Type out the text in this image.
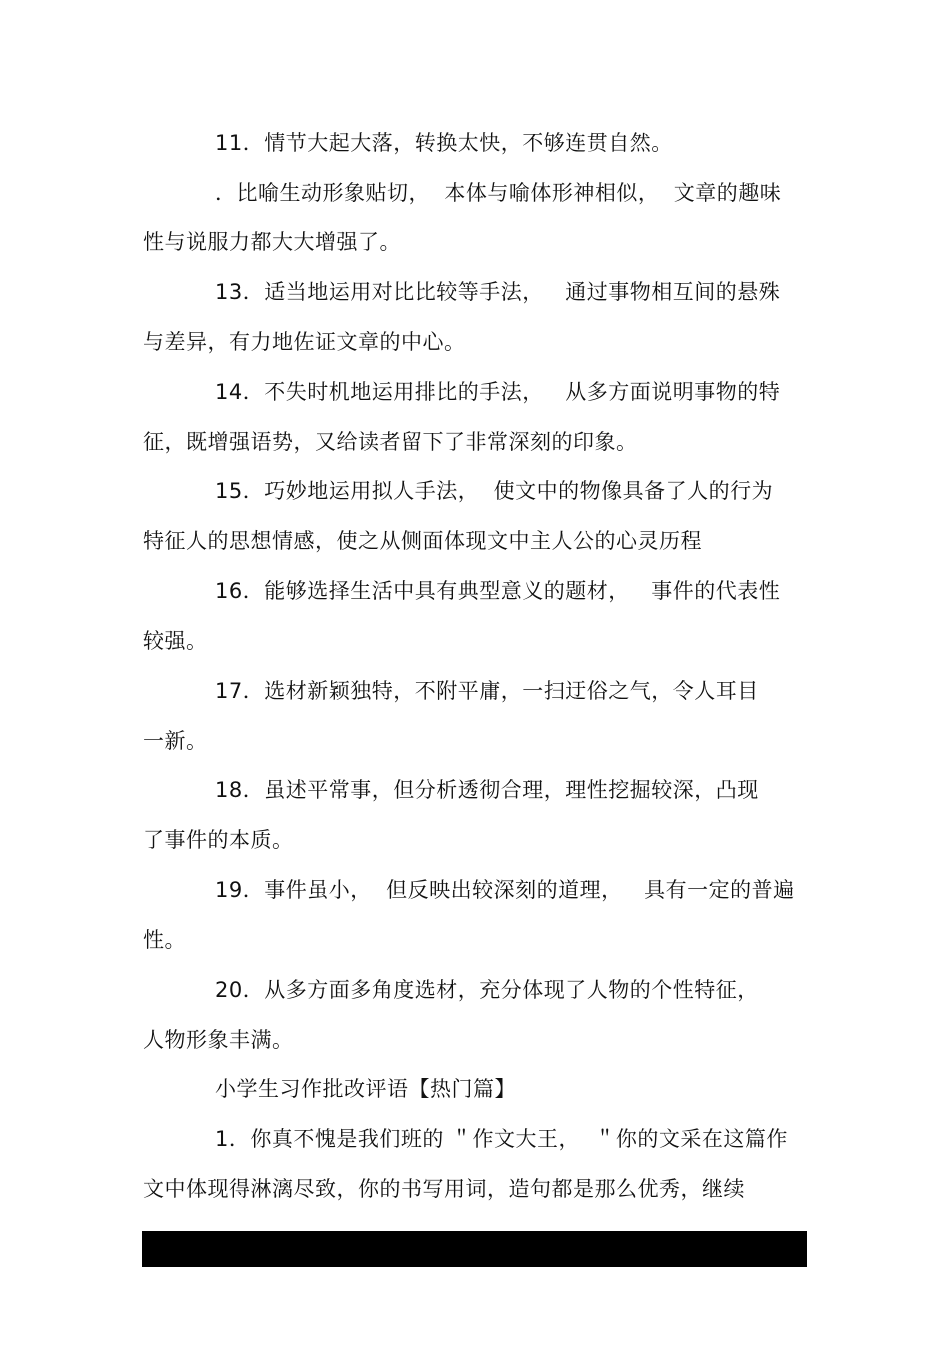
11．情节大起大落，转换太快，不够连贯自然。
．比喻生动形象贴切，  本体与喻体形神相似，  文章的趣味
性与说服力都大大增强了。
13．适当地运用对比比较等手法，   通过事物相互间的悬殊
与差异，有力地佐证文章的中心。
14．不失时机地运用排比的手法，   从多方面说明事物的特
征，既增强语势，又给读者留下了非常深刻的印象。
15．巧妙地运用拟人手法，  使文中的物像具备了人的行为
特征人的思想情感，使之从侧面体现文中主人公的心灵历程
16．能够选择生活中具有典型意义的题材，   事件的代表性
较强。
17．选材新颖独特，不附平庸，一扫迂俗之气，令人耳目
一新。
18．虽述平常事，但分析透彻合理，理性挖掘较深，凸现
了事件的本质。
19．事件虽小，  但反映出较深刻的道理，   具有一定的普遍
性。
20．从多方面多角度选材，充分体现了人物的个性特征，
人物形象丰满。
小学生习作批改评语【热门篇】
1．你真不愧是我们班的 ＂作文大王，  ＂你的文采在这篇作
文中体现得淋漓尽致，你的书写用词，造句都是那么优秀，继续
